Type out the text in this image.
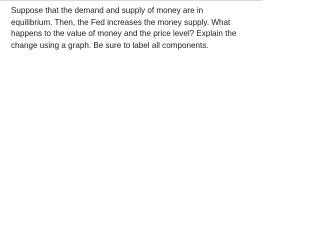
Suppose that the demand and supply of money are in
equilibrium. Then, the Fed increases the money supply. What
happens to the value of money and the price level? Explain the
change using a graph. Be sure to label all components.
